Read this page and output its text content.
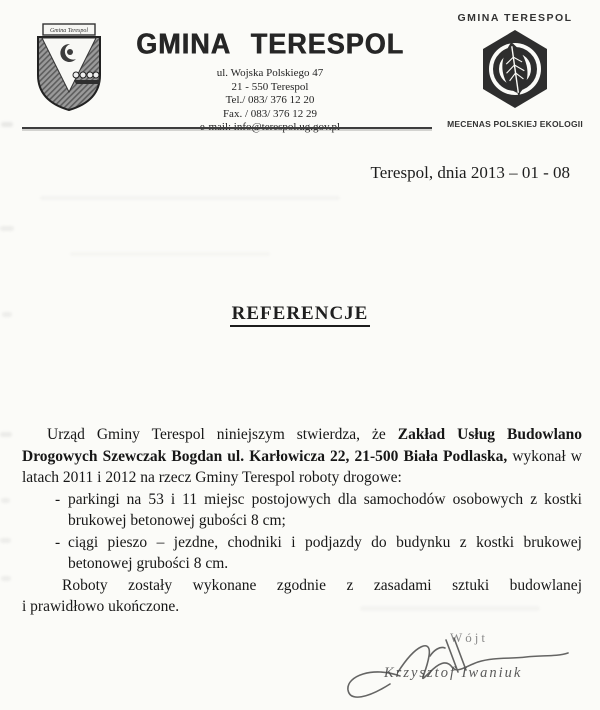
Gmina Terespol GMINA TERESPOL
ul. Wojska Polskiego 47
21 - 550 Terespol
Tel./ 083/ 376 12 20
Fax. / 083/ 376 12 29
GMINA TERESPOL
MECENAS POLSKIEJ EKOLOGII
Terespol, dnia 2013 – 01 - 08
REFERENCJE

Urząd Gminy Terespol niniejszym stwierdza, że Zakład Usług Budowlano Drogowych Szewczak Bogdan ul. Karłowicza 22, 21-500 Biała Podlaska, wykonał w latach 2011 i 2012 na rzecz Gminy Terespol roboty drogowe:

- parkingi na 53 i 11 miejsc postojowych dla samochodów osobowych z kostki brukowej betonowej gubości 8 cm;
- ciągi pieszo – jezdne, chodniki i podjazdy do budynku z kostki brukowej betonowej grubości 8 cm.

Roboty zostały wykonane zgodnie z zasadami sztuki budowlanej
i prawidłowo ukończone.

Wójt
Krzysztof Iwaniuk
